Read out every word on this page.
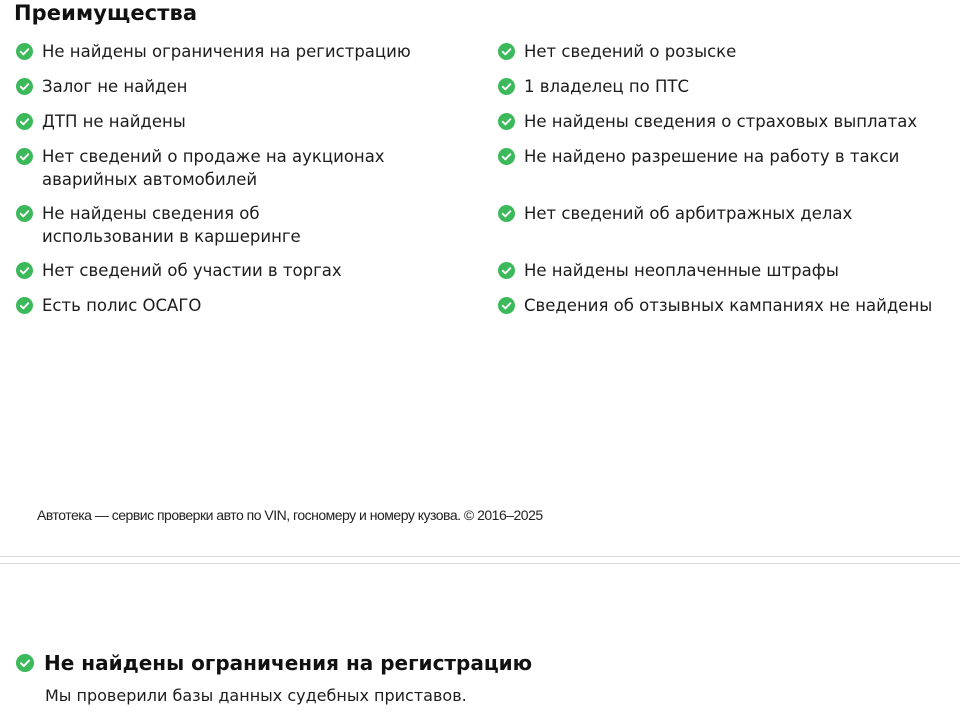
Преимущества
Не найдены ограничения на регистрацию
Залог не найден
ДТП не найдены
Нет сведений о продаже на аукционах аварийных автомобилей
Не найдены сведения об использовании в каршеринге
Нет сведений об участии в торгах
Есть полис ОСАГО
Нет сведений о розыске
1 владелец по ПТС
Не найдены сведения о страховых выплатах
Не найдено разрешение на работу в такси
Нет сведений об арбитражных делах
Не найдены неоплаченные штрафы
Сведения об отзывных кампаниях не найдены
Автотека — сервис проверки авто по VIN, госномеру и номеру кузова. © 2016–2025
Не найдены ограничения на регистрацию
Мы проверили базы данных судебных приставов.
